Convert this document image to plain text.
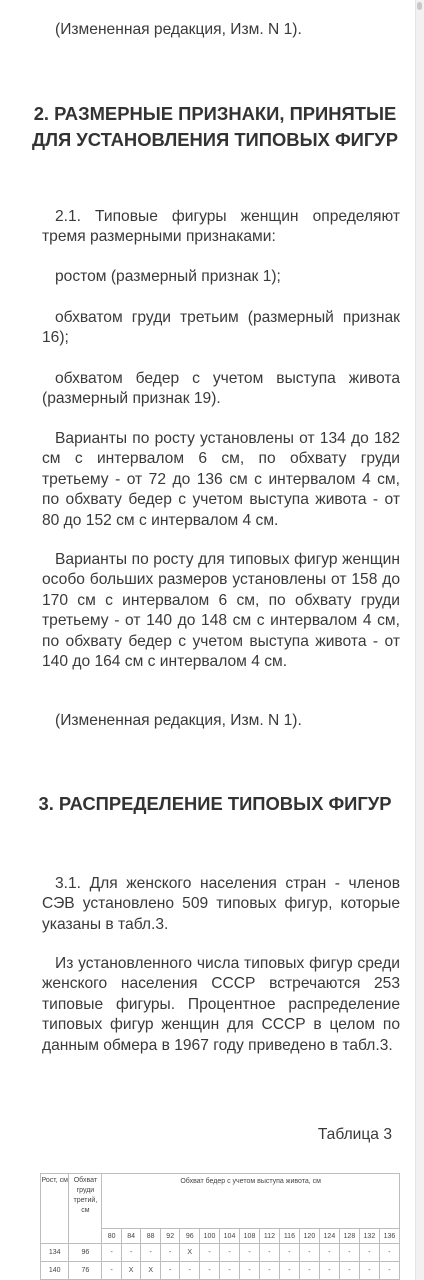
(Измененная редакция, Изм. N 1).

2. РАЗМЕРНЫЕ ПРИЗНАКИ, ПРИНЯТЫЕ ДЛЯ УСТАНОВЛЕНИЯ ТИПОВЫХ ФИГУР

2.1. Типовые фигуры женщин определяют тремя размерными признаками:

ростом (размерный признак 1);

обхватом груди третьим (размерный признак 16);

обхватом бедер с учетом выступа живота (размерный признак 19).

Варианты по росту установлены от 134 до 182 см с интервалом 6 см, по обхвату груди третьему - от 72 до 136 см с интервалом 4 см, по обхвату бедер с учетом выступа живота - от 80 до 152 см с интервалом 4 см.

Варианты по росту для типовых фигур женщин особо больших размеров установлены от 158 до 170 см с интервалом 6 см, по обхвату груди третьему - от 140 до 148 см с интервалом 4 см, по обхвату бедер с учетом выступа живота - от 140 до 164 см с интервалом 4 см.

(Измененная редакция, Изм. N 1).

3. РАСПРЕДЕЛЕНИЕ ТИПОВЫХ ФИГУР

3.1. Для женского населения стран - членов СЭВ установлено 509 типовых фигур, которые указаны в табл.3.

Из установленного числа типовых фигур среди женского населения СССР встречаются 253 типовые фигуры. Процентное распределение типовых фигур женщин для СССР в целом по данным обмера в 1967 году приведено в табл.3.

Таблица 3
Рост, см	Обхват груди третий, см	Обхват бедер с учетом выступа живота, см														
		80	84	88	92	96	100	104	108	112	116	120	124	128	132	136
134	96	-	-	-	-	X	-	-	-	-	-	-	-	-	-	-
140	76	-	X	X	-	-	-	-	-	-	-	-	-	-	-	-
